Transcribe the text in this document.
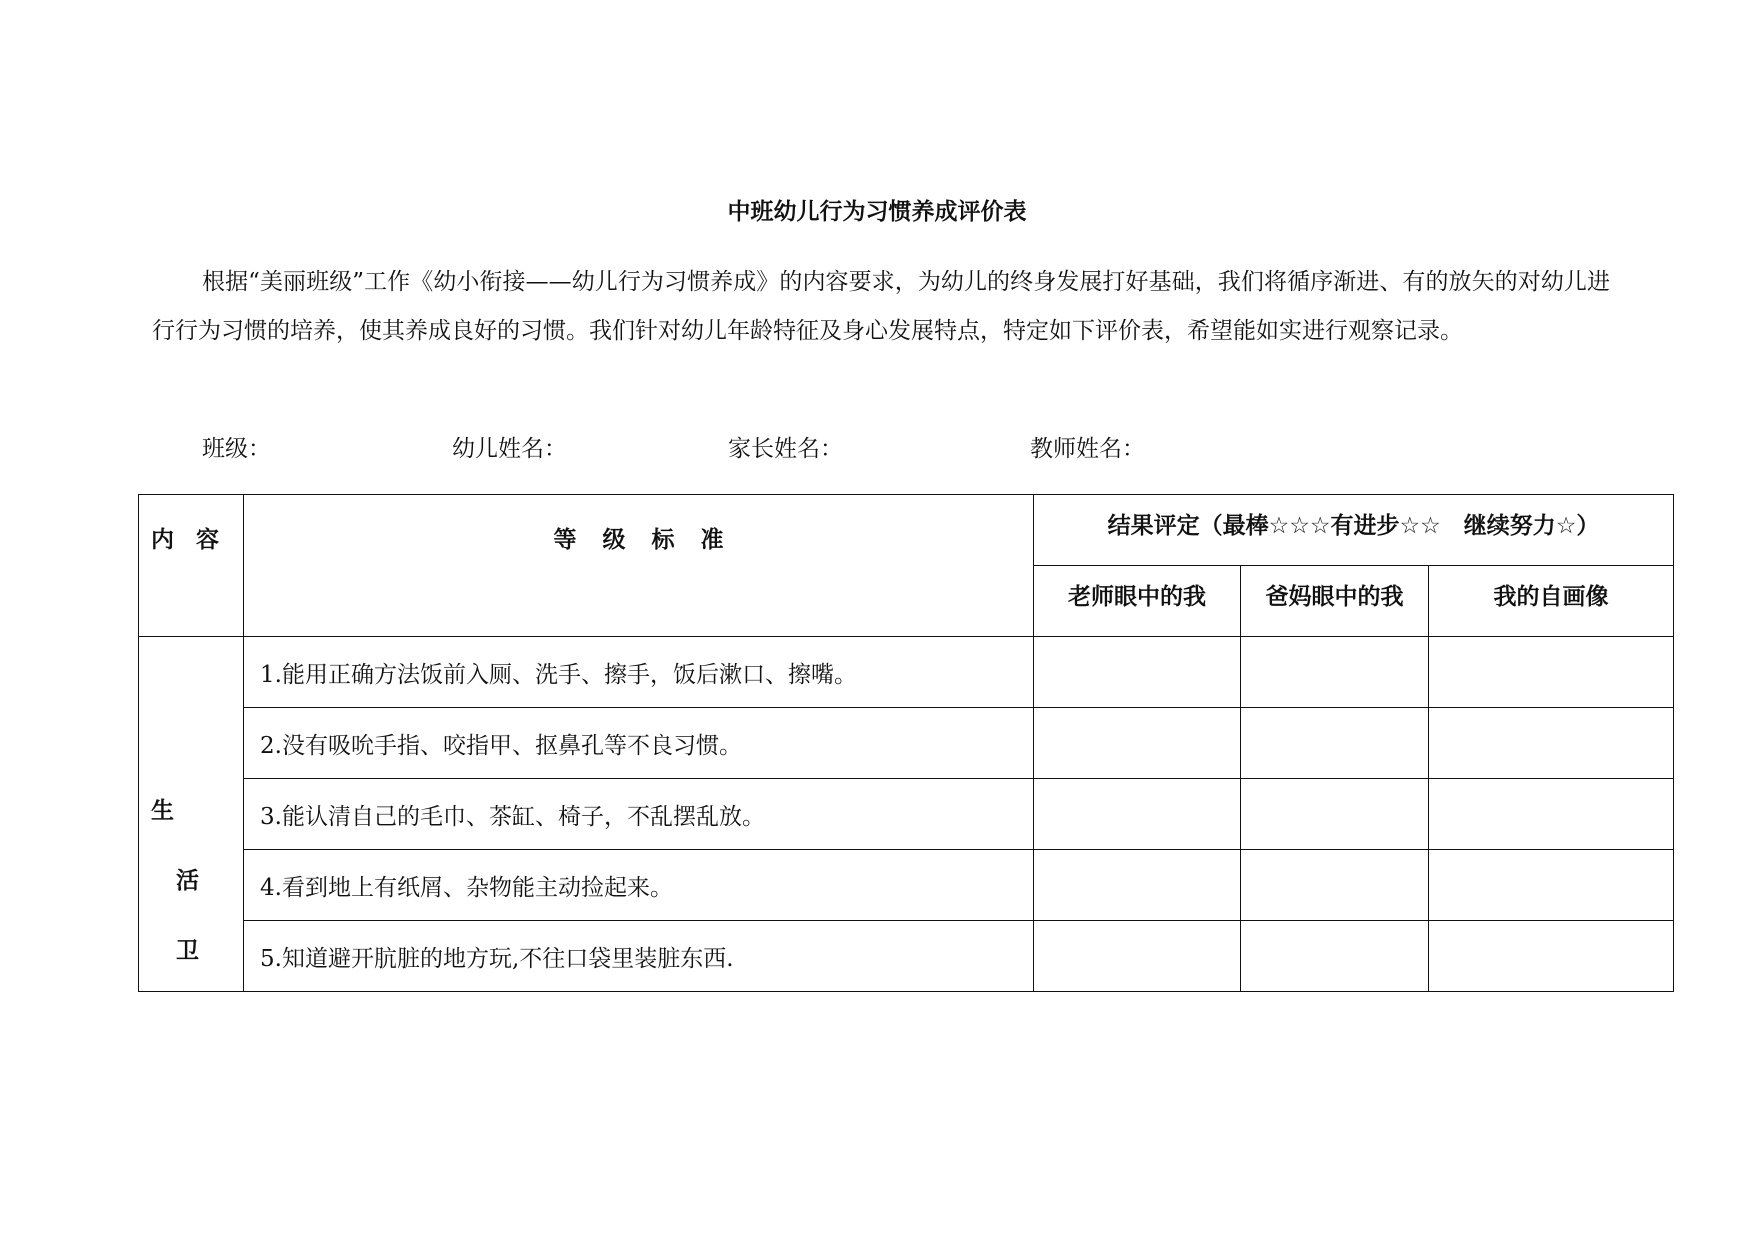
中班幼儿行为习惯养成评价表

根据“美丽班级”工作《幼小衔接——幼儿行为习惯养成》的内容要求，为幼儿的终身发展打好基础，我们将循序渐进、有的放矢的对幼儿进行行为习惯的培养，使其养成良好的习惯。我们针对幼儿年龄特征及身心发展特点，特定如下评价表，希望能如实进行观察记录。

班级：	幼儿姓名：	家长姓名：	教师姓名：
内容	等级标准	结果评定（最棒☆☆☆有进步☆☆　继续努力☆）		
		老师眼中的我	爸妈眼中的我	我的自画像

生
活
卫	1.能用正确方法饭前入厕、洗手、擦手，饭后漱口、擦嘴。			
	2.没有吸吮手指、咬指甲、抠鼻孔等不良习惯。			
	3.能认清自己的毛巾、茶缸、椅子，不乱摆乱放。			
	4.看到地上有纸屑、杂物能主动捡起来。			
	5.知道避开肮脏的地方玩,不往口袋里装脏东西.			
